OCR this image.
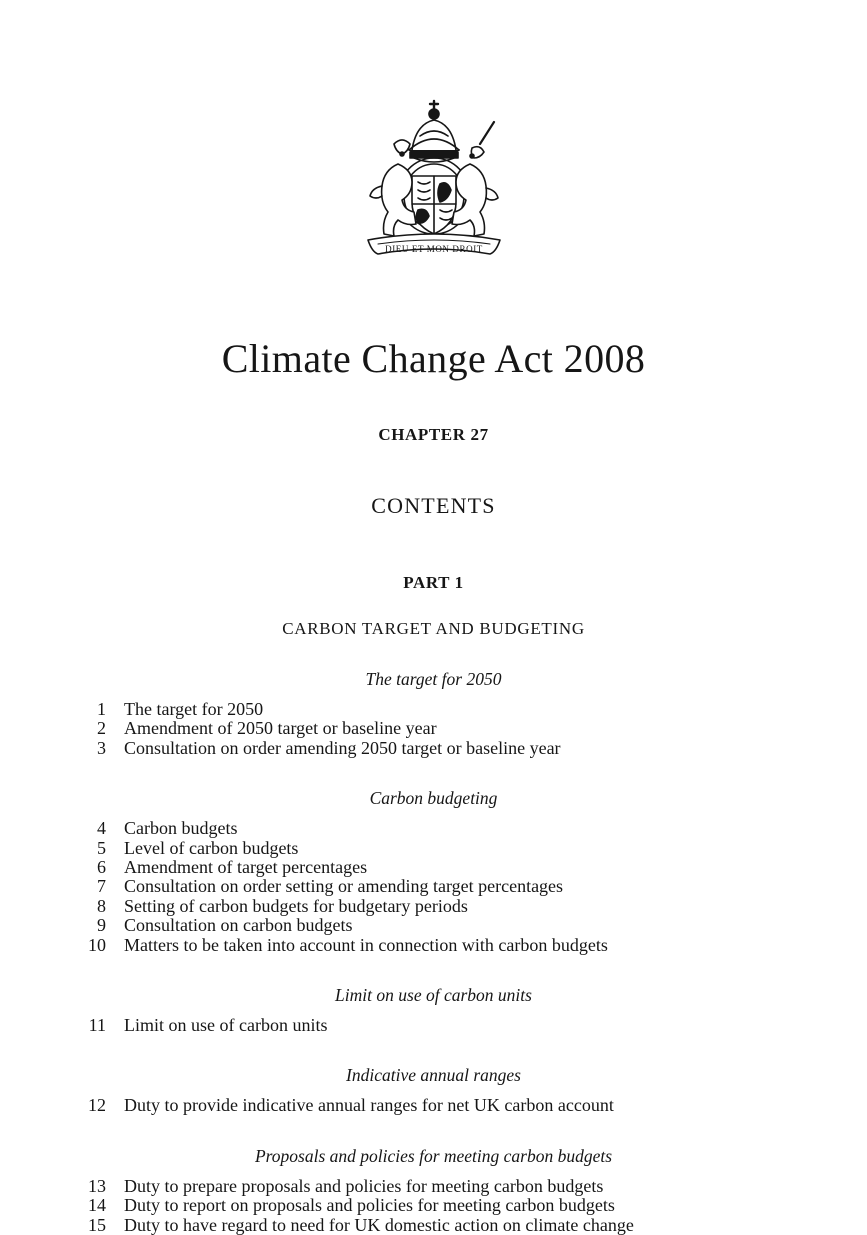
DIEU ET MON DROIT
Climate Change Act 2008
CHAPTER 27
CONTENTS
PART 1
CARBON TARGET AND BUDGETING
The target for 2050
1	The target for 2050
2	Amendment of 2050 target or baseline year
3	Consultation on order amending 2050 target or baseline year
Carbon budgeting
4	Carbon budgets
5	Level of carbon budgets
6	Amendment of target percentages
7	Consultation on order setting or amending target percentages
8	Setting of carbon budgets for budgetary periods
9	Consultation on carbon budgets
10	Matters to be taken into account in connection with carbon budgets
Limit on use of carbon units
11	Limit on use of carbon units
Indicative annual ranges
12	Duty to provide indicative annual ranges for net UK carbon account
Proposals and policies for meeting carbon budgets
13	Duty to prepare proposals and policies for meeting carbon budgets
14	Duty to report on proposals and policies for meeting carbon budgets
15	Duty to have regard to need for UK domestic action on climate change
